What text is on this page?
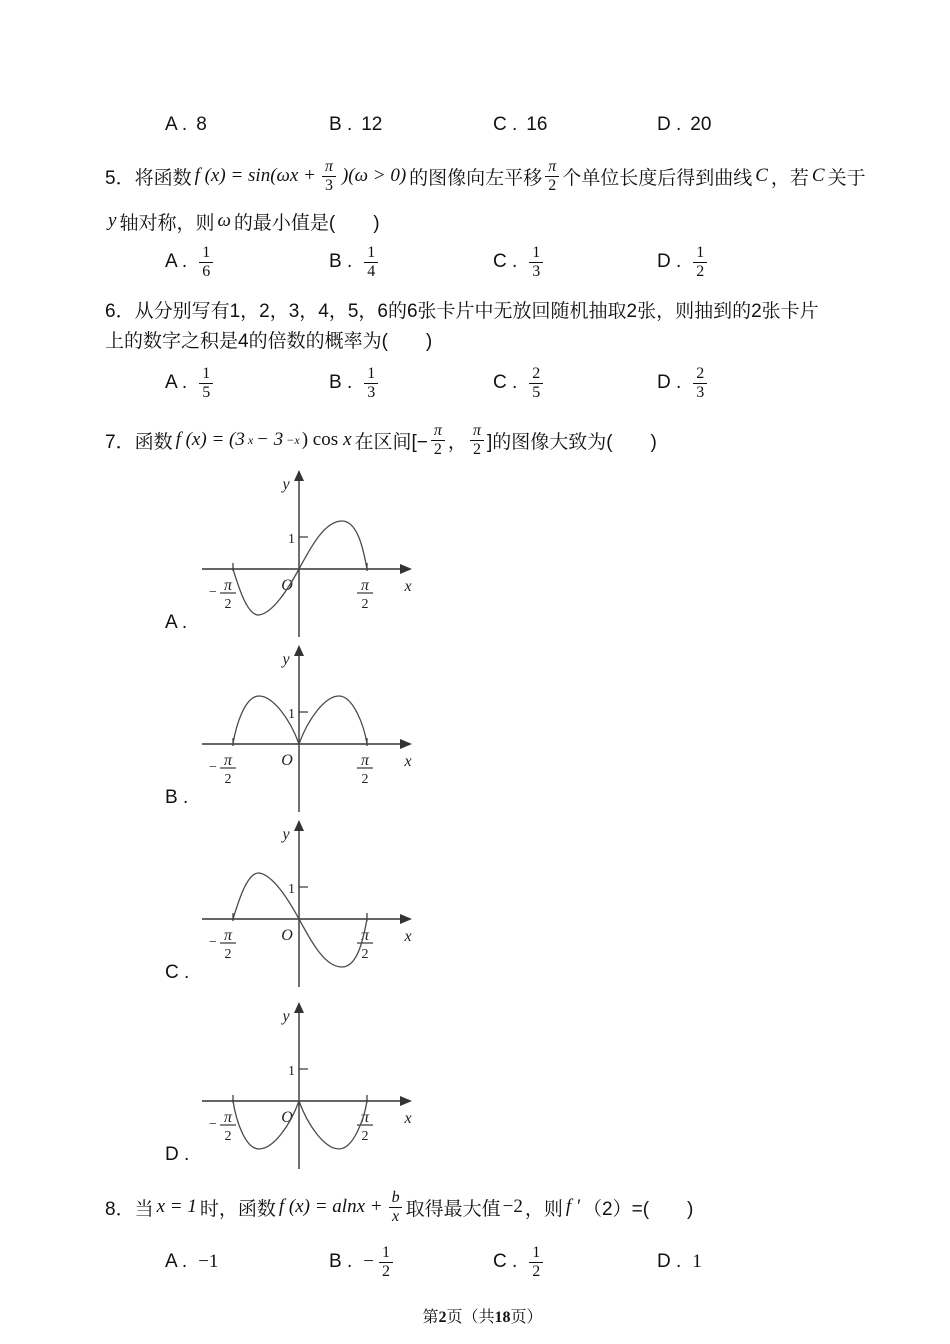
A . 8	B . 12	C . 16	D . 20
5．将函数 f $(x) = \sin(\omega x + \frac{\pi}{3} )(\omega > 0)$ 的图像向左平移 $\frac{\pi}{2}$ 个单位长度后得到曲线 C ，若 C 关于
y 轴对称，则 ω 的最小值是(　　)
A . $\frac{1}{6}$	B . $\frac{1}{4}$	C . $\frac{1}{3}$	D . $\frac{1}{2}$
6．从分别写有1，2，3，4，5，6的6张卡片中无放回随机抽取2张，则抽到的2张卡片
上的数字之积是4的倍数的概率为(　　)
A . $\frac{1}{5}$	B . $\frac{1}{3}$	C . $\frac{2}{5}$	D . $\frac{2}{3}$
7．函数 f (x) = (3 x − 3 −x ) cos x 在区间[− $\frac{\pi}{2}$ ， $\frac{\pi}{2}$ ]的图像大致为(　　)
A .
y
x
O
1
− π
2
π
2
B .
y
x
O
1
− π
2
π
2
C .
y
x
O
1
− π
2
π
2
D .
y
x
O
1
− π
2
π
2
8．当 x = 1 时，函数 f $(x) = alnx + \frac{b}{x}$ 取得最大值 −2 ，则 f ′ （2）=(　　)
A . −1	B . − $\frac{1}{2}$	C . $\frac{1}{2}$	D . 1
第2页（共18页）
